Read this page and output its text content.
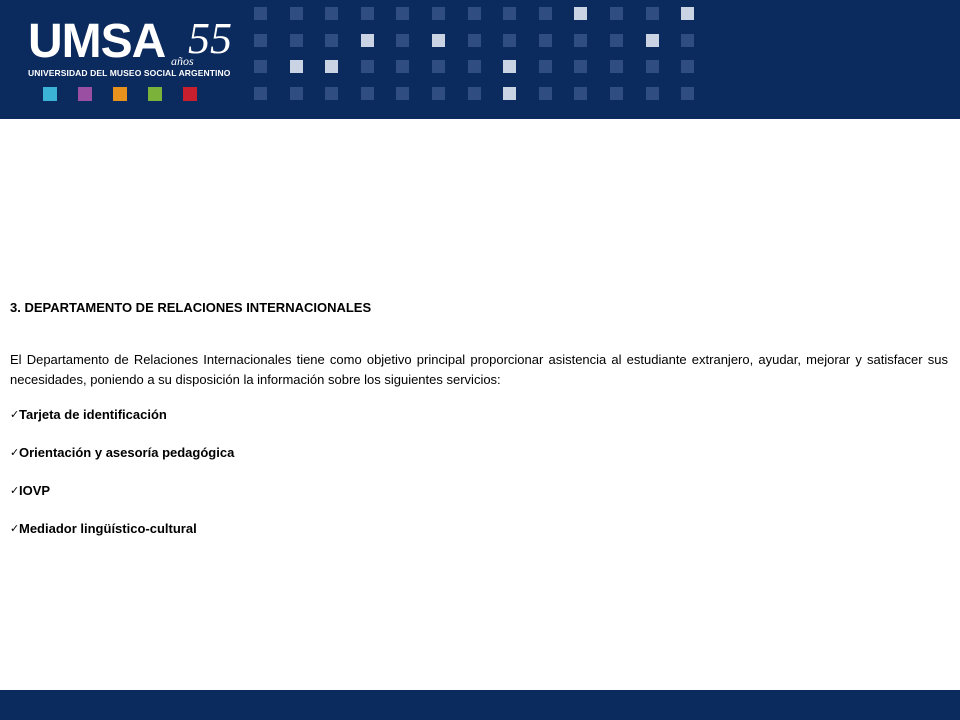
UMSA años
55
UNIVERSIDAD DEL MUSEO SOCIAL ARGENTINO

3. DEPARTAMENTO DE RELACIONES INTERNACIONALES

El Departamento de Relaciones Internacionales tiene como objetivo principal proporcionar asistencia al estudiante extranjero, ayudar, mejorar y satisfacer sus necesidades, poniendo a su disposición la información sobre los siguientes servicios:
✓ Tarjeta de identificación
✓ Orientación y asesoría pedagógica
✓ IOVP
✓ Mediador lingüístico-cultural
